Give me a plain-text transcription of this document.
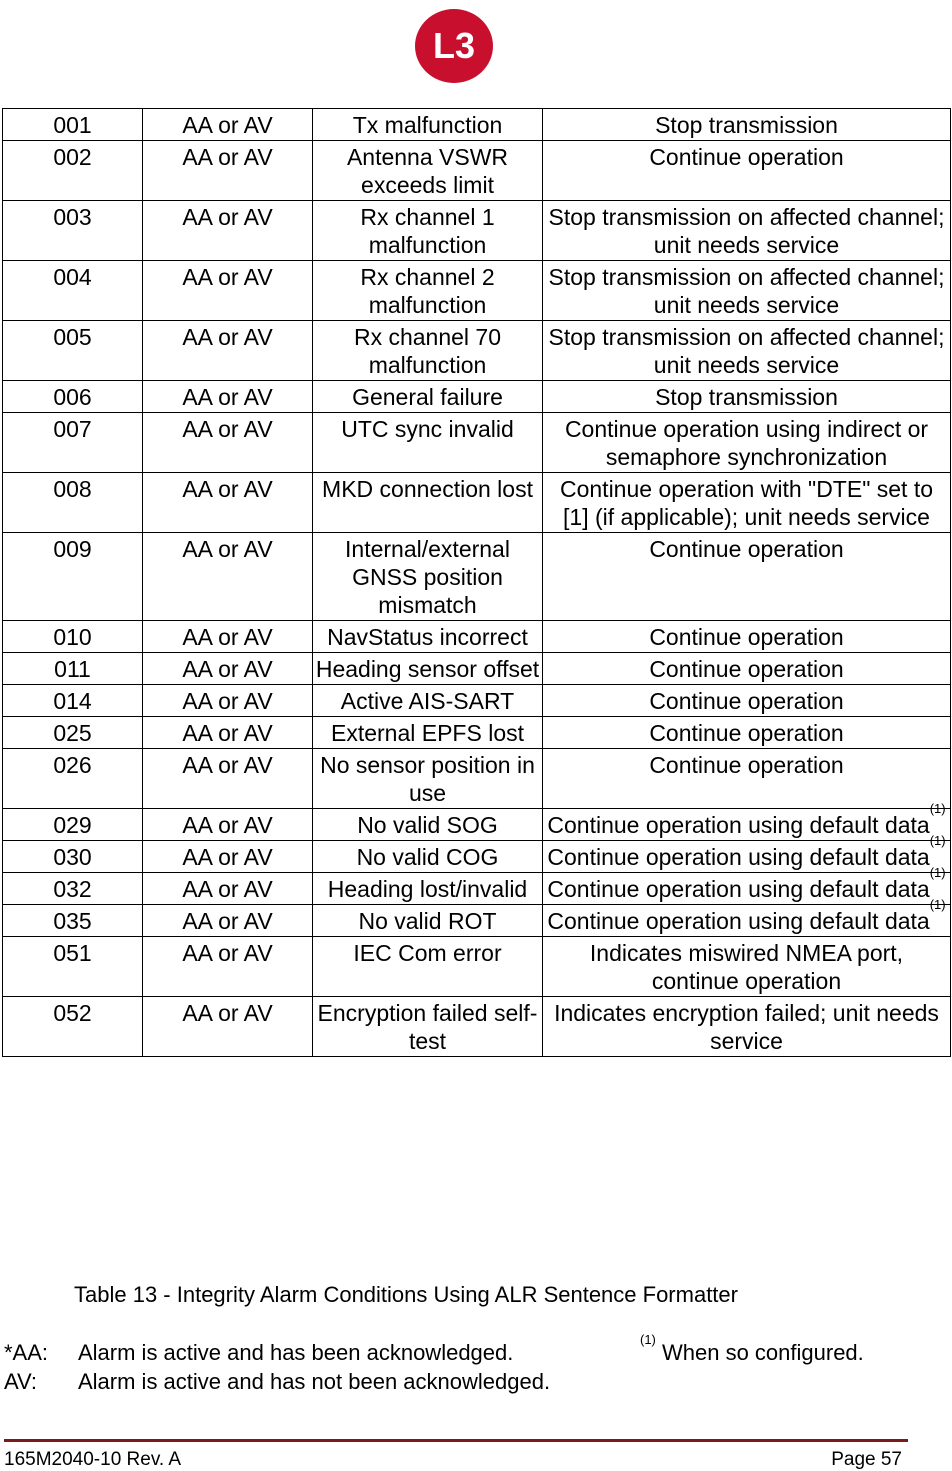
L3
001	AA or AV	Tx malfunction	Stop transmission
002	AA or AV	Antenna VSWR exceeds limit	Continue operation
003	AA or AV	Rx channel 1 malfunction	Stop transmission on affected channel; unit needs service
004	AA or AV	Rx channel 2 malfunction	Stop transmission on affected channel; unit needs service
005	AA or AV	Rx channel 70 malfunction	Stop transmission on affected channel; unit needs service
006	AA or AV	General failure	Stop transmission
007	AA or AV	UTC sync invalid	Continue operation using indirect or semaphore synchronization
008	AA or AV	MKD connection lost	Continue operation with "DTE" set to [1] (if applicable); unit needs service
009	AA or AV	Internal/external GNSS position mismatch	Continue operation
010	AA or AV	NavStatus incorrect	Continue operation
011	AA or AV	Heading sensor offset	Continue operation
014	AA or AV	Active AIS-SART	Continue operation
025	AA or AV	External EPFS lost	Continue operation
026	AA or AV	No sensor position in use	Continue operation
029	AA or AV	No valid SOG	Continue operation using default data$^{(1)}$
030	AA or AV	No valid COG	Continue operation using default data$^{(1)}$
032	AA or AV	Heading lost/invalid	Continue operation using default data$^{(1)}$
035	AA or AV	No valid ROT	Continue operation using default data$^{(1)}$
051	AA or AV	IEC Com error	Indicates miswired NMEA port, continue operation
052	AA or AV	Encryption failed self-test	Indicates encryption failed; unit needs service
Table 13 - Integrity Alarm Conditions Using ALR Sentence Formatter
*AA: Alarm is active and has been acknowledged.
AV: Alarm is active and has not been acknowledged.
$^{(1)}$ When so configured.
165M2040-10 Rev. A	Page 57
